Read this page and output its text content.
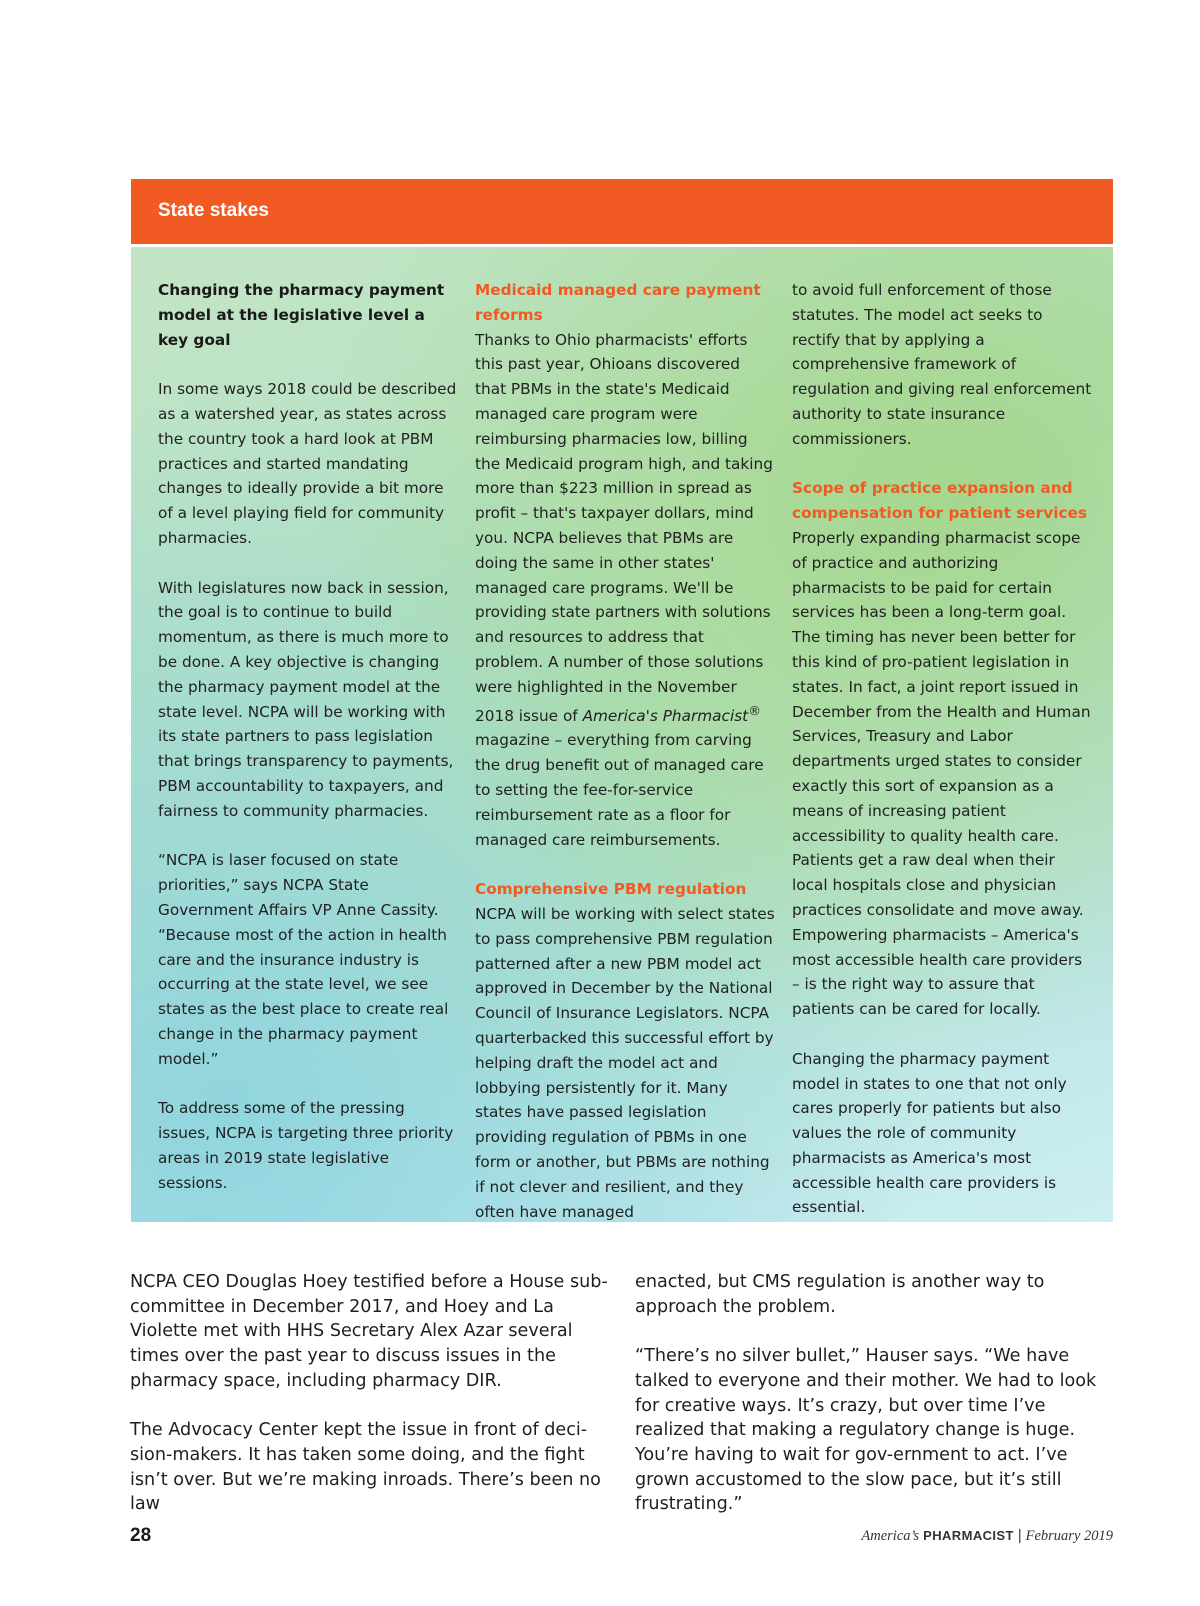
State stakes
Changing the pharmacy payment model at the legislative level a key goal

In some ways 2018 could be described as a watershed year, as states across the country took a hard look at PBM practices and started mandating changes to ideally provide a bit more of a level playing field for community pharmacies.

With legislatures now back in session, the goal is to continue to build momentum, as there is much more to be done. A key objective is changing the pharmacy payment model at the state level. NCPA will be working with its state partners to pass legislation that brings transparency to payments, PBM accountability to taxpayers, and fairness to community pharmacies.

“NCPA is laser focused on state priorities,” says NCPA State Government Affairs VP Anne Cassity. “Because most of the action in health care and the insurance industry is occurring at the state level, we see states as the best place to create real change in the pharmacy payment model.”

To address some of the pressing issues, NCPA is targeting three priority areas in 2019 state legislative sessions.

Medicaid managed care payment reforms

Thanks to Ohio pharmacists' efforts this past year, Ohioans discovered that PBMs in the state's Medicaid managed care program were reimbursing pharmacies low, billing the Medicaid program high, and taking more than $223 million in spread as profit – that's taxpayer dollars, mind you. NCPA believes that PBMs are doing the same in other states' managed care programs. We'll be providing state partners with solutions and resources to address that problem. A number of those solutions were highlighted in the November 2018 issue of America's Pharmacist® magazine – everything from carving the drug benefit out of managed care to setting the fee-for-service reimbursement rate as a floor for managed care reimbursements.

Comprehensive PBM regulation

NCPA will be working with select states to pass comprehensive PBM regulation patterned after a new PBM model act approved in December by the National Council of Insurance Legislators. NCPA quarterbacked this successful effort by helping draft the model act and lobbying persistently for it. Many states have passed legislation providing regulation of PBMs in one form or another, but PBMs are nothing if not clever and resilient, and they often have managed

to avoid full enforcement of those statutes. The model act seeks to rectify that by applying a comprehensive framework of regulation and giving real enforcement authority to state insurance commissioners.

Scope of practice expansion and compensation for patient services

Properly expanding pharmacist scope of practice and authorizing pharmacists to be paid for certain services has been a long-term goal. The timing has never been better for this kind of pro-patient legislation in states. In fact, a joint report issued in December from the Health and Human Services, Treasury and Labor departments urged states to consider exactly this sort of expansion as a means of increasing patient accessibility to quality health care. Patients get a raw deal when their local hospitals close and physician practices consolidate and move away. Empowering pharmacists – America's most accessible health care providers – is the right way to assure that patients can be cared for locally.

Changing the pharmacy payment model in states to one that not only cares properly for patients but also values the role of community pharmacists as America's most accessible health care providers is essential.

NCPA CEO Douglas Hoey testified before a House sub-committee in December 2017, and Hoey and La Violette met with HHS Secretary Alex Azar several times over the past year to discuss issues in the pharmacy space, including pharmacy DIR.

The Advocacy Center kept the issue in front of deci-sion-makers. It has taken some doing, and the fight isn’t over. But we’re making inroads. There’s been no law

enacted, but CMS regulation is another way to approach the problem.

“There’s no silver bullet,” Hauser says. “We have talked to everyone and their mother. We had to look for creative ways. It’s crazy, but over time I’ve realized that making a regulatory change is huge. You’re having to wait for gov-ernment to act. I’ve grown accustomed to the slow pace, but it’s still frustrating.”

28	America’s PHARMACIST | February 2019
